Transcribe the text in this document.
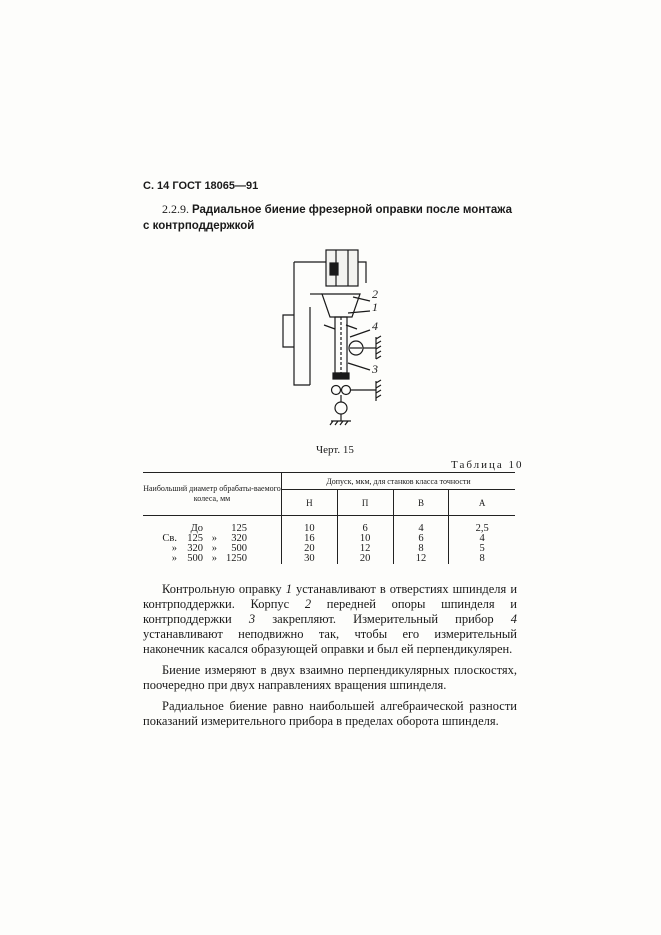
С. 14 ГОСТ 18065—91
2.2.9. Радиальное биение фрезерной оправки после монтажа с контрподдержкой
2
1
4
3
Черт. 15
Таблица 10
Наибольший диаметр обрабаты-ваемого колеса, мм	Допуск, мкм, для станков класса точности			
	Н	П	В	А
До 125	10	6	4	2,5
Св. 125 » 320	16	10	6	4
» 320 » 500	20	12	8	5
» 500 » 1250	30	20	12	8

Контрольную оправку 1 устанавливают в отверстиях шпинделя и контрподдержки. Корпус 2 передней опоры шпинделя и контрподдержки 3 закрепляют. Измерительный прибор 4 устанавливают неподвижно так, чтобы его измерительный наконечник касался образующей оправки и был ей перпендикулярен.

Биение измеряют в двух взаимно перпендикулярных плоскостях, поочередно при двух направлениях вращения шпинделя.

Радиальное биение равно наибольшей алгебраической разности показаний измерительного прибора в пределах оборота шпинделя.
